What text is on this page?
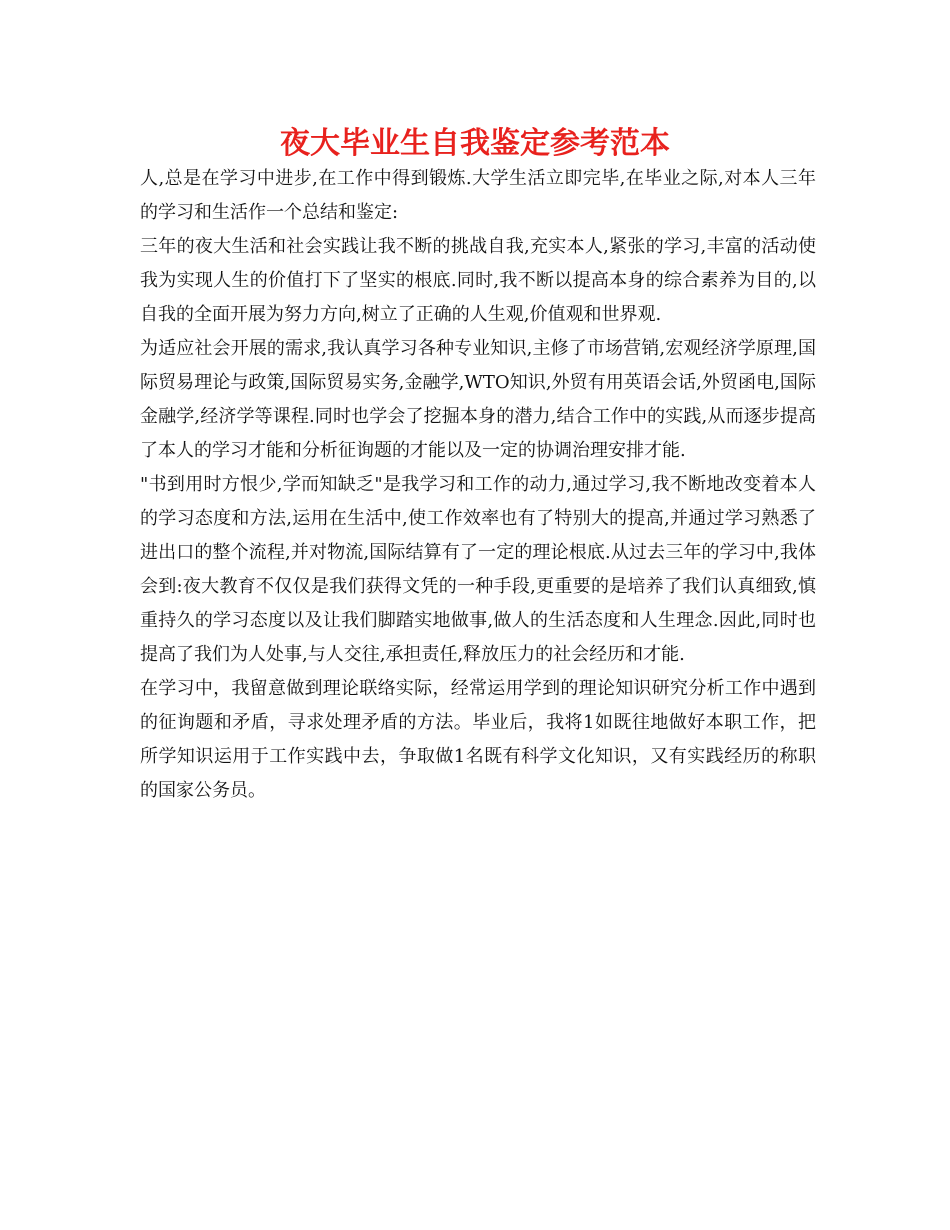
夜大毕业生自我鉴定参考范本

人,总是在学习中进步,在工作中得到锻炼.大学生活立即完毕,在毕业之际,对本人三年的学习和生活作一个总结和鉴定:

三年的夜大生活和社会实践让我不断的挑战自我,充实本人,紧张的学习,丰富的活动使我为实现人生的价值打下了坚实的根底.同时,我不断以提高本身的综合素养为目的,以自我的全面开展为努力方向,树立了正确的人生观,价值观和世界观.

为适应社会开展的需求,我认真学习各种专业知识,主修了市场营销,宏观经济学原理,国际贸易理论与政策,国际贸易实务,金融学,WTO知识,外贸有用英语会话,外贸函电,国际金融学,经济学等课程.同时也学会了挖掘本身的潜力,结合工作中的实践,从而逐步提高了本人的学习才能和分析征询题的才能以及一定的协调治理安排才能.

"书到用时方恨少,学而知缺乏"是我学习和工作的动力,通过学习,我不断地改变着本人的学习态度和方法,运用在生活中,使工作效率也有了特别大的提高,并通过学习熟悉了进出口的整个流程,并对物流,国际结算有了一定的理论根底.从过去三年的学习中,我体会到:夜大教育不仅仅是我们获得文凭的一种手段,更重要的是培养了我们认真细致,慎重持久的学习态度以及让我们脚踏实地做事,做人的生活态度和人生理念.因此,同时也提高了我们为人处事,与人交往,承担责任,释放压力的社会经历和才能.

在学习中，我留意做到理论联络实际，经常运用学到的理论知识研究分析工作中遇到的征询题和矛盾，寻求处理矛盾的方法。毕业后，我将1如既往地做好本职工作，把所学知识运用于工作实践中去，争取做1名既有科学文化知识，又有实践经历的称职的国家公务员。
